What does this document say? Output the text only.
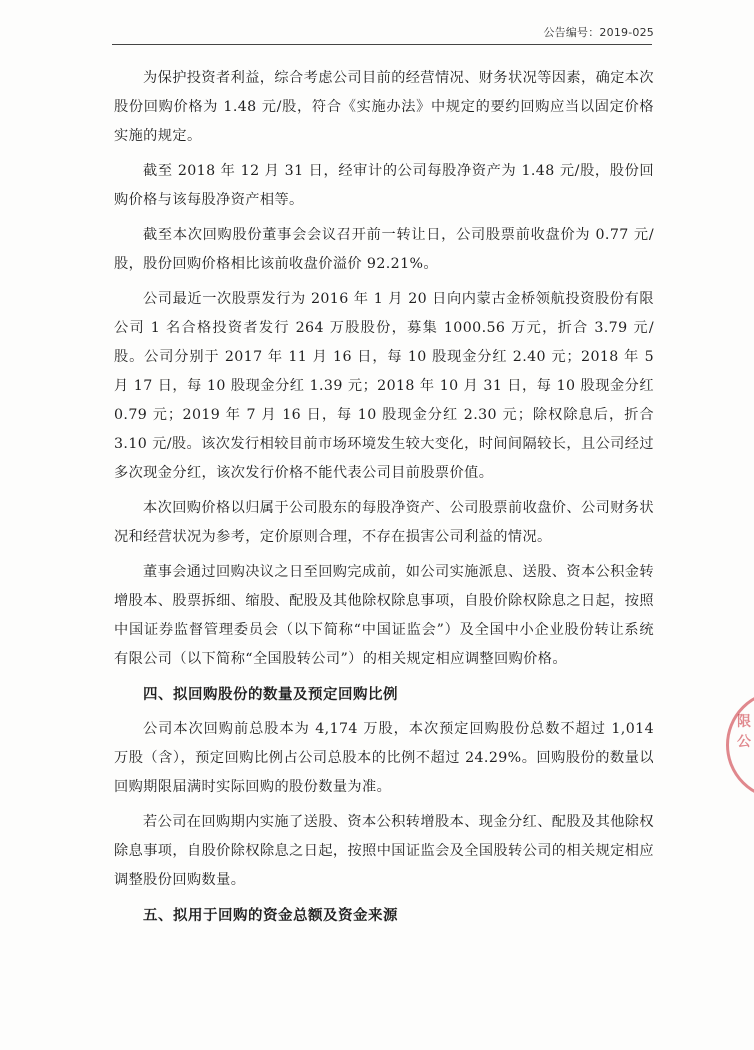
公告编号：2019-025

为保护投资者利益，综合考虑公司目前的经营情况、财务状况等因素，确定本次股份回购价格为 1.48 元/股，符合《实施办法》中规定的要约回购应当以固定价格实施的规定。

截至 2018 年 12 月 31 日，经审计的公司每股净资产为 1.48 元/股，股份回购价格与该每股净资产相等。

截至本次回购股份董事会会议召开前一转让日，公司股票前收盘价为 0.77 元/股，股份回购价格相比该前收盘价溢价 92.21%。

公司最近一次股票发行为 2016 年 1 月 20 日向内蒙古金桥领航投资股份有限公司 1 名合格投资者发行 264 万股股份，募集 1000.56 万元，折合 3.79 元/股。公司分别于 2017 年 11 月 16 日，每 10 股现金分红 2.40 元；2018 年 5 月 17 日，每 10 股现金分红 1.39 元；2018 年 10 月 31 日，每 10 股现金分红 0.79 元；2019 年 7 月 16 日，每 10 股现金分红 2.30 元；除权除息后，折合 3.10 元/股。该次发行相较目前市场环境发生较大变化，时间间隔较长，且公司经过多次现金分红，该次发行价格不能代表公司目前股票价值。

本次回购价格以归属于公司股东的每股净资产、公司股票前收盘价、公司财务状况和经营状况为参考，定价原则合理，不存在损害公司利益的情况。

董事会通过回购决议之日至回购完成前，如公司实施派息、送股、资本公积金转增股本、股票拆细、缩股、配股及其他除权除息事项，自股价除权除息之日起，按照中国证券监督管理委员会（以下简称“中国证监会”）及全国中小企业股份转让系统有限公司（以下简称“全国股转公司”）的相关规定相应调整回购价格。

四、拟回购股份的数量及预定回购比例

公司本次回购前总股本为 4,174 万股，本次预定回购股份总数不超过 1,014 万股（含），预定回购比例占公司总股本的比例不超过 24.29%。回购股份的数量以回购期限届满时实际回购的股份数量为准。

若公司在回购期内实施了送股、资本公积转增股本、现金分红、配股及其他除权除息事项，自股价除权除息之日起，按照中国证监会及全国股转公司的相关规定相应调整股份回购数量。

五、拟用于回购的资金总额及资金来源

限
公
